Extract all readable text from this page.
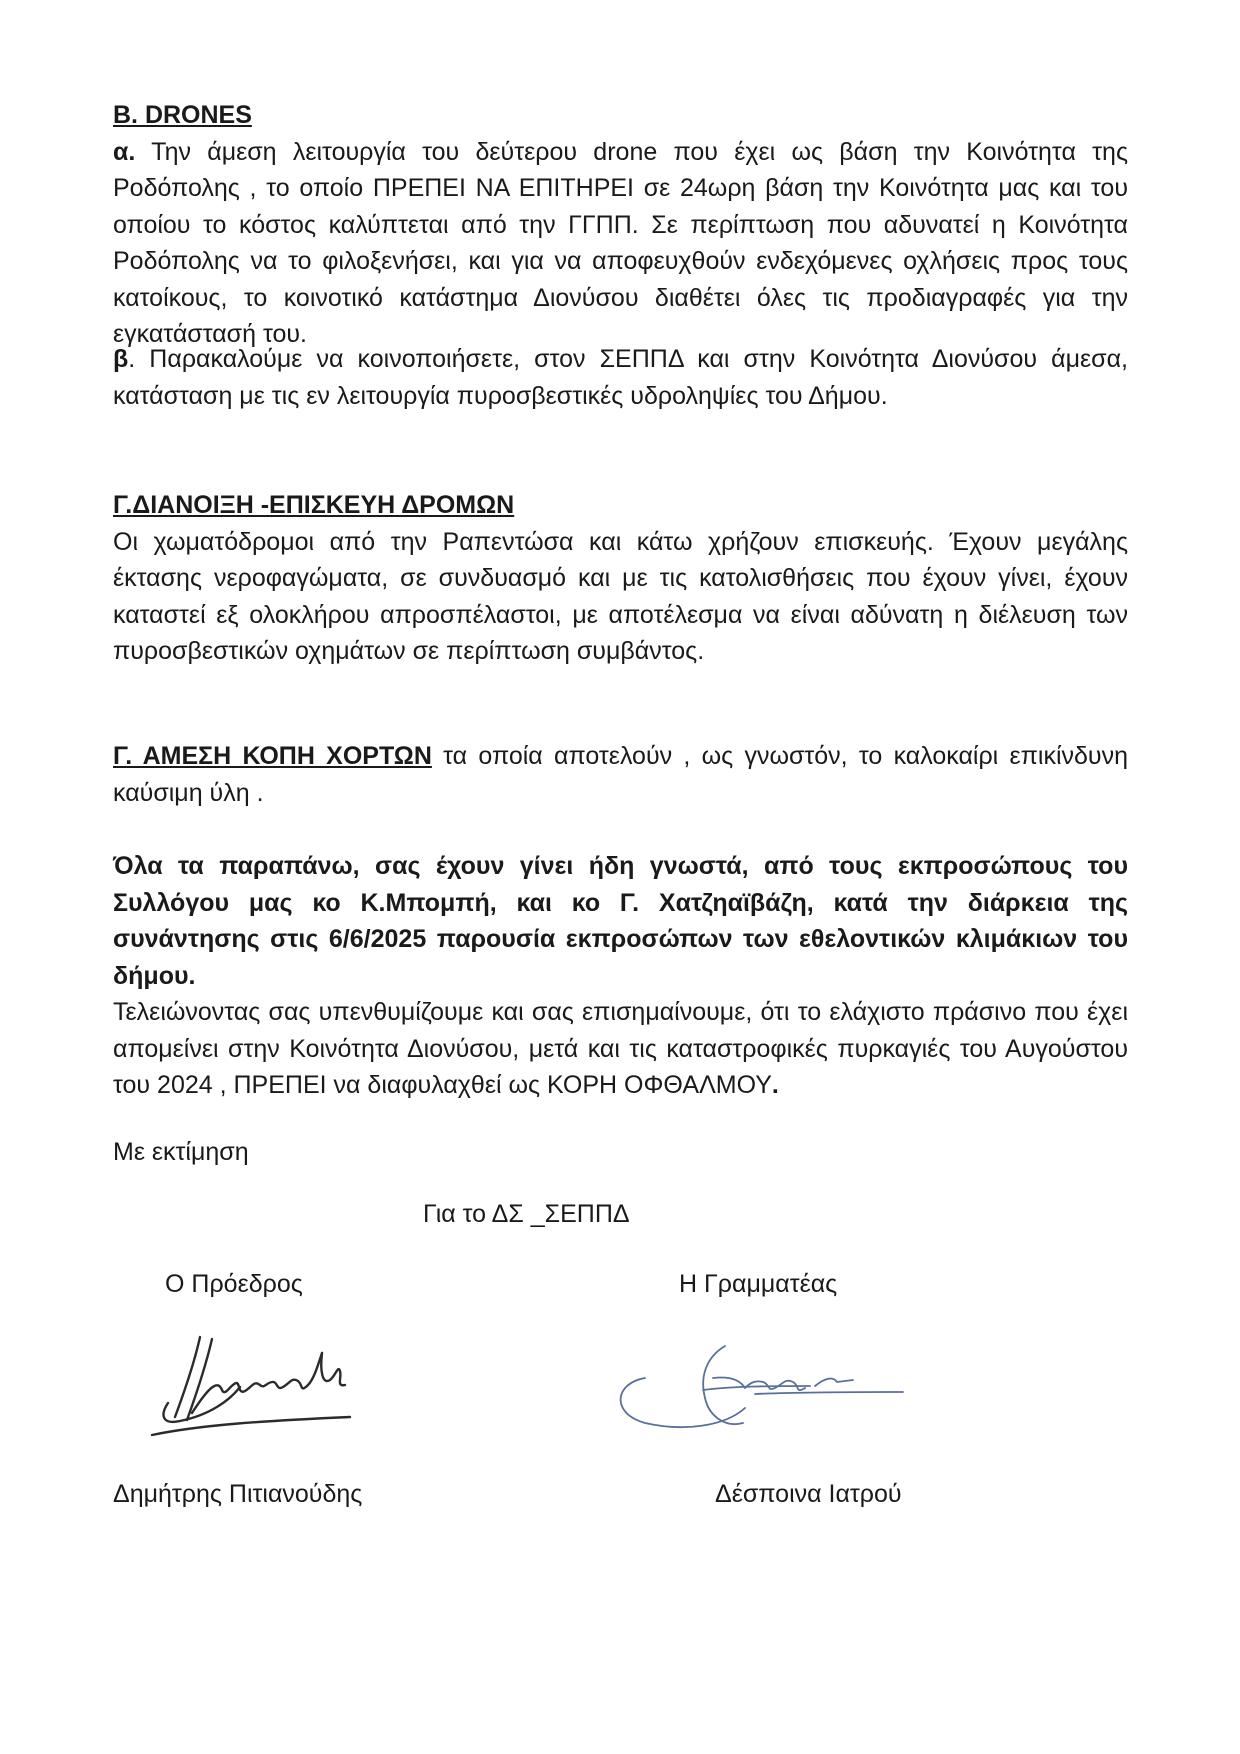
Β. DRONES
α. Την άμεση λειτουργία του δεύτερου drone που έχει ως βάση την Κοινότητα της Ροδόπολης , το οποίο ΠΡΕΠΕΙ ΝΑ ΕΠΙΤΗΡΕΙ σε 24ωρη βάση την Κοινότητα μας και του οποίου το κόστος καλύπτεται από την ΓΓΠΠ. Σε περίπτωση που αδυνατεί η Κοινότητα Ροδόπολης να το φιλοξενήσει, και για να αποφευχθούν ενδεχόμενες οχλήσεις προς τους κατοίκους, το κοινοτικό κατάστημα Διονύσου διαθέτει όλες τις προδιαγραφές για την εγκατάστασή του.

β. Παρακαλούμε να κοινοποιήσετε, στον ΣΕΠΠΔ και στην Κοινότητα Διονύσου άμεσα, κατάσταση με τις εν λειτουργία πυροσβεστικές υδροληψίες του Δήμου.

Γ.ΔΙΑΝΟΙΞΗ -ΕΠΙΣΚΕΥΗ ΔΡΟΜΩΝ
Οι χωματόδρομοι από την Ραπεντώσα και κάτω χρήζουν επισκευής. Έχουν μεγάλης έκτασης νεροφαγώματα, σε συνδυασμό και με τις κατολισθήσεις που έχουν γίνει, έχουν καταστεί εξ ολοκλήρου απροσπέλαστοι, με αποτέλεσμα να είναι αδύνατη η διέλευση των πυροσβεστικών οχημάτων σε περίπτωση συμβάντος.

Γ. ΑΜΕΣΗ ΚΟΠΗ ΧΟΡΤΩΝ τα οποία αποτελούν , ως γνωστόν, το καλοκαίρι επικίνδυνη καύσιμη ύλη .

Όλα τα παραπάνω, σας έχουν γίνει ήδη γνωστά, από τους εκπροσώπους του Συλλόγου μας κο Κ.Μπομπή, και κο Γ. Χατζηαϊβάζη, κατά την διάρκεια της συνάντησης στις 6/6/2025 παρουσία εκπροσώπων των εθελοντικών κλιμάκιων του δήμου.
Τελειώνοντας σας υπενθυμίζουμε και σας επισημαίνουμε, ότι το ελάχιστο πράσινο που έχει απομείνει στην Κοινότητα Διονύσου, μετά και τις καταστροφικές πυρκαγιές του Αυγούστου του 2024 , ΠΡΕΠΕΙ να διαφυλαχθεί ως ΚΟΡΗ ΟΦΘΑΛΜΟΥ.

Με εκτίμηση
Για το ΔΣ _ΣΕΠΠΔ
Ο Πρόεδρος	Η Γραμματέας
Δημήτρης Πιτιανούδης	Δέσποινα Ιατρού
